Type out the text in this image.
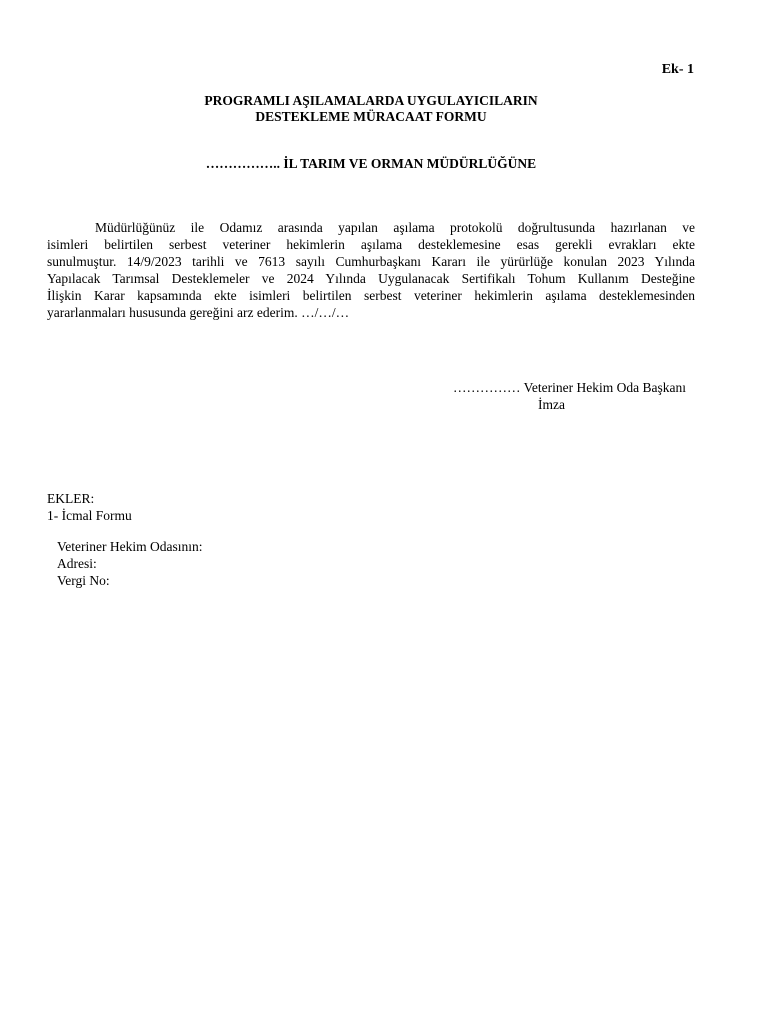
Ek- 1
PROGRAMLI AŞILAMALARDA UYGULAYICILARIN
DESTEKLEME MÜRACAAT FORMU
…………….. İL TARIM VE ORMAN MÜDÜRLÜĞÜNE
Müdürlüğünüz ile Odamız arasında yapılan aşılama protokolü doğrultusunda hazırlanan ve
isimleri belirtilen serbest veteriner hekimlerin aşılama desteklemesine esas gerekli evrakları ekte
sunulmuştur. 14/9/2023 tarihli ve 7613 sayılı Cumhurbaşkanı Kararı ile yürürlüğe konulan 2023 Yılında
Yapılacak Tarımsal Desteklemeler ve 2024 Yılında Uygulanacak Sertifikalı Tohum Kullanım Desteğine
İlişkin Karar kapsamında ekte isimleri belirtilen serbest veteriner hekimlerin aşılama desteklemesinden
yararlanmaları hususunda gereğini arz ederim. …/…/…
…………… Veteriner Hekim Oda Başkanı
İmza
EKLER:
1- İcmal Formu
Veteriner Hekim Odasının:
Adresi:
Vergi No:
